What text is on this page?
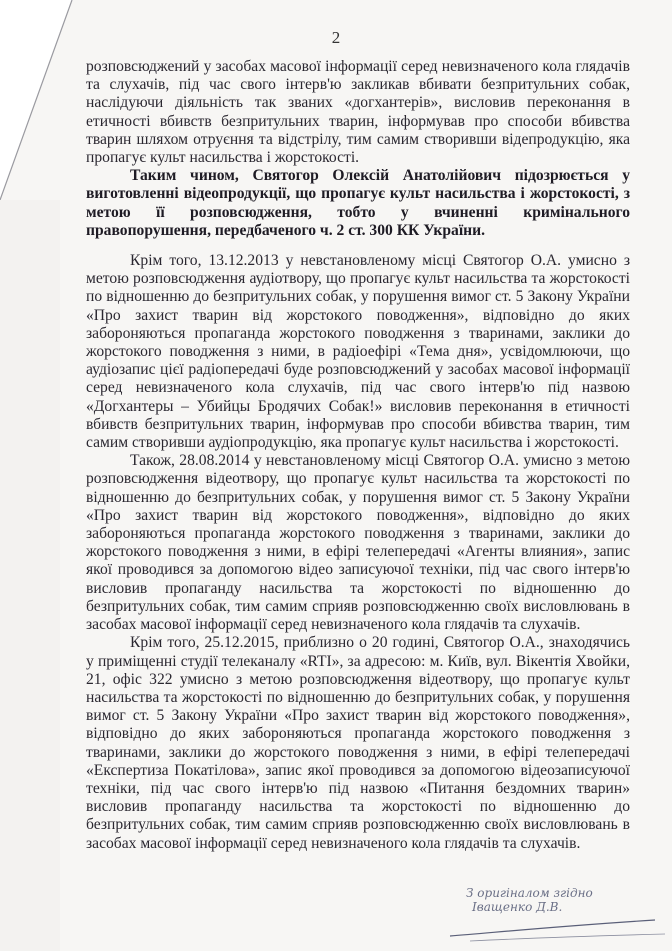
2

розповсюджений у засобах масової інформації серед невизначеного кола глядачів та слухачів, під час свого інтерв'ю закликав вбивати безпритульних собак, наслідуючи діяльність так званих «догхантерів», висловив переконання в етичності вбивств безпритульних тварин, інформував про способи вбивства тварин шляхом отруєння та відстрілу, тим самим створивши відепродукцію, яка пропагує культ насильства і жорстокості.

Таким чином, Святогор Олексій Анатолійович підозрюється у виготовленні відеопродукції, що пропагує культ насильства і жорстокості, з метою її розповсюдження, тобто у вчиненні кримінального правопорушення, передбаченого ч. 2 ст. 300 КК України.

Крім того, 13.12.2013 у невстановленому місці Святогор О.А. умисно з метою розповсюдження аудіотвору, що пропагує культ насильства та жорстокості по відношенню до безпритульних собак, у порушення вимог ст. 5 Закону України «Про захист тварин від жорстокого поводження», відповідно до яких забороняються пропаганда жорстокого поводження з тваринами, заклики до жорстокого поводження з ними, в радіоефірі «Тема дня», усвідомлюючи, що аудіозапис цієї радіопередачі буде розповсюджений у засобах масової інформації серед невизначеного кола слухачів, під час свого інтерв'ю під назвою «Догхантеры – Убийцы Бродячих Собак!» висловив переконання в етичності вбивств безпритульних тварин, інформував про способи вбивства тварин, тим самим створивши аудіопродукцію, яка пропагує культ насильства і жорстокості.

Також, 28.08.2014 у невстановленому місці Святогор О.А. умисно з метою розповсюдження відеотвору, що пропагує культ насильства та жорстокості по відношенню до безпритульних собак, у порушення вимог ст. 5 Закону України «Про захист тварин від жорстокого поводження», відповідно до яких забороняються пропаганда жорстокого поводження з тваринами, заклики до жорстокого поводження з ними, в ефірі телепередачі «Агенты влияния», запис якої проводився за допомогою відео записуючої техніки, під час свого інтерв'ю висловив пропаганду насильства та жорстокості по відношенню до безпритульних собак, тим самим сприяв розповсюдженню своїх висловлювань в засобах масової інформації серед невизначеного кола глядачів та слухачів.

Крім того, 25.12.2015, приблизно о 20 годині, Святогор О.А., знаходячись у приміщенні студії телеканалу «RTI», за адресою: м. Київ, вул. Вікентія Хвойки, 21, офіс 322 умисно з метою розповсюдження відеотвору, що пропагує культ насильства та жорстокості по відношенню до безпритульних собак, у порушення вимог ст. 5 Закону України «Про захист тварин від жорстокого поводження», відповідно до яких забороняються пропаганда жорстокого поводження з тваринами, заклики до жорстокого поводження з ними, в ефірі телепередачі «Експертиза Покатілова», запис якої проводився за допомогою відеозаписуючої техніки, під час свого інтерв'ю під назвою «Питання бездомних тварин» висловив пропаганду насильства та жорстокості по відношенню до безпритульних собак, тим самим сприяв розповсюдженню своїх висловлювань в засобах масової інформації серед невизначеного кола глядачів та слухачів.

З оригіналом згідно
Іващенко Д.В.
